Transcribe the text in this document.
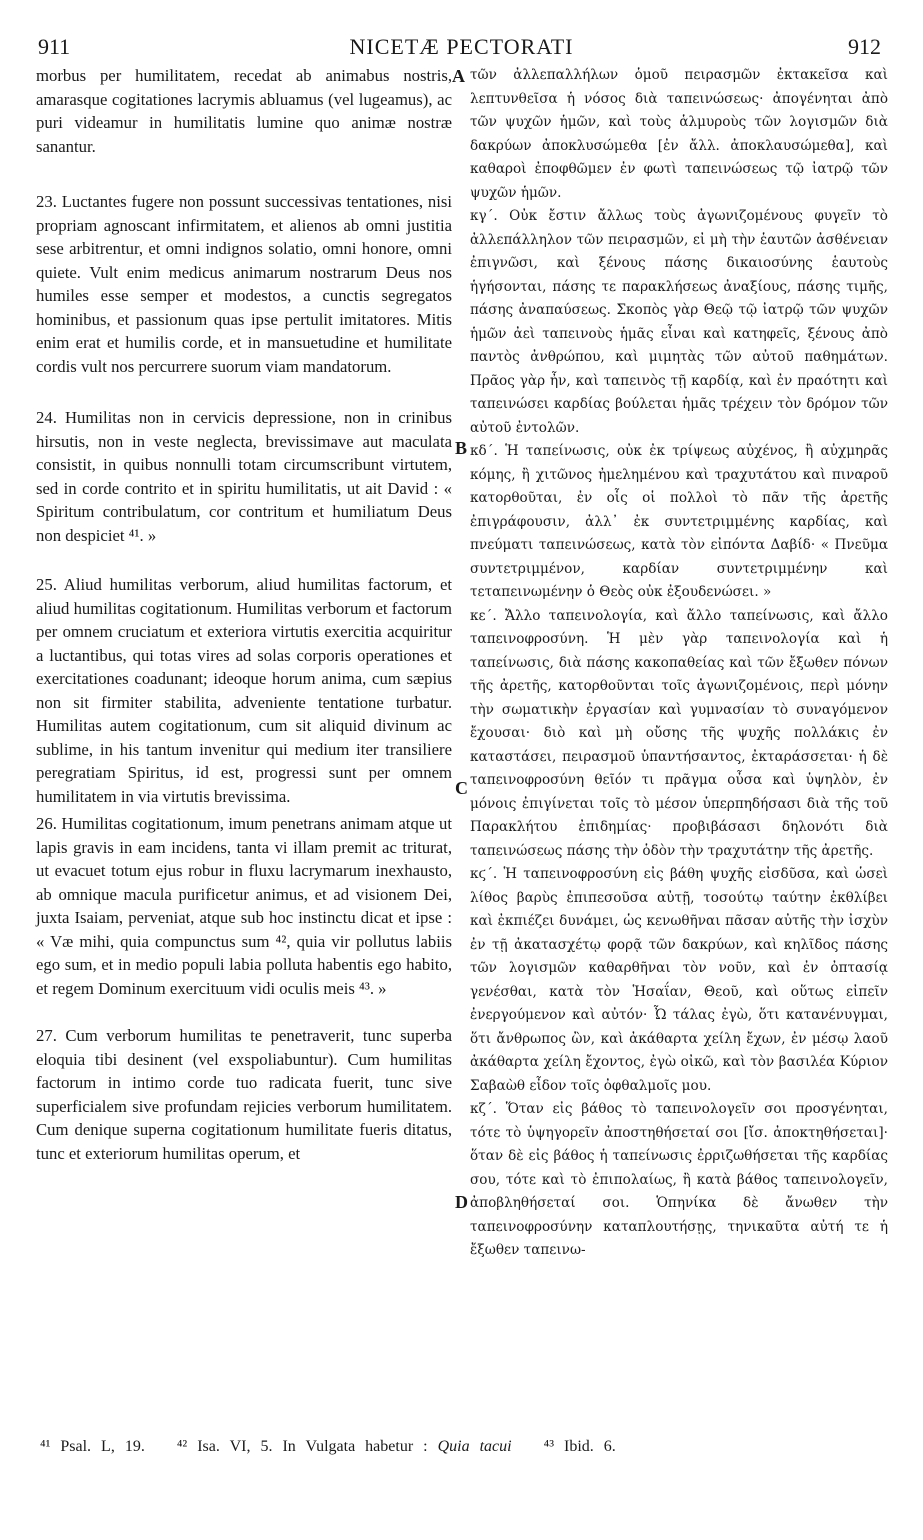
911	NICETÆ PECTORATI	912

morbus per humilitatem, recedat ab animabus nostris, amarasque cogitationes lacrymis abluamus (vel lugeamus), ac puri videamur in humilitatis lumine quo animæ nostræ sanantur.

23. Luctantes fugere non possunt successivas tentationes, nisi propriam agnoscant infirmitatem, et alienos ab omni justitia sese arbitrentur, et omni indignos solatio, omni honore, omni quiete. Vult enim medicus animarum nostrarum Deus nos humiles esse semper et modestos, a cunctis segregatos hominibus, et passionum quas ipse pertulit imitatores. Mitis enim erat et humilis corde, et in mansuetudine et humilitate cordis vult nos percurrere suorum viam mandatorum.

24. Humilitas non in cervicis depressione, non in crinibus hirsutis, non in veste neglecta, brevissimave aut maculata consistit, in quibus nonnulli totam circumscribunt virtutem, sed in corde contrito et in spiritu humilitatis, ut ait David : « Spiritum contribulatum, cor contritum et humiliatum Deus non despiciet ⁴¹. »

25. Aliud humilitas verborum, aliud humilitas factorum, et aliud humilitas cogitationum. Humilitas verborum et factorum per omnem cruciatum et exteriora virtutis exercitia acquiritur a luctantibus, qui totas vires ad solas corporis operationes et exercitationes coadunant; ideoque horum anima, cum sæpius non sit firmiter stabilita, adveniente tentatione turbatur. Humilitas autem cogitationum, cum sit aliquid divinum ac sublime, in his tantum invenitur qui medium iter transiliere peregratiam Spiritus, id est, progressi sunt per omnem humilitatem in via virtutis brevissima.

26. Humilitas cogitationum, imum penetrans animam atque ut lapis gravis in eam incidens, tanta vi illam premit ac triturat, ut evacuet totum ejus robur in fluxu lacrymarum inexhausto, ab omnique macula purificetur animus, et ad visionem Dei, juxta Isaiam, perveniat, atque sub hoc instinctu dicat et ipse : « Væ mihi, quia compunctus sum ⁴², quia vir pollutus labiis ego sum, et in medio populi labia polluta habentis ego habito, et regem Dominum exercituum vidi oculis meis ⁴³. »

27. Cum verborum humilitas te penetraverit, tunc superba eloquia tibi desinent (vel exspoliabuntur). Cum humilitas factorum in intimo corde tuo radicata fuerit, tunc sive superficialem sive profundam rejicies verborum humilitatem. Cum denique superna cogitationum humilitate fueris ditatus, tunc et exteriorum humilitas operum, et

A
B
C
D

τῶν ἀλλεπαλλήλων ὁμοῦ πειρασμῶν ἐκτακεῖσα καὶ λεπτυνθεῖσα ἡ νόσος διὰ ταπεινώσεως· ἀπογένηται ἀπὸ τῶν ψυχῶν ἡμῶν, καὶ τοὺς ἁλμυροὺς τῶν λογισμῶν διὰ δακρύων ἀποκλυσώμεθα [ἐν ἄλλ. ἀποκλαυσώμεθα], καὶ καθαροὶ ἐποφθῶμεν ἐν φωτὶ ταπεινώσεως τῷ ἰατρῷ τῶν ψυχῶν ἡμῶν.

κγ΄. Οὐκ ἔστιν ἄλλως τοὺς ἀγωνιζομένους φυγεῖν τὸ ἀλλεπάλληλον τῶν πειρασμῶν, εἰ μὴ τὴν ἑαυτῶν ἀσθένειαν ἐπιγνῶσι, καὶ ξένους πάσης δικαιοσύνης ἑαυτοὺς ἡγήσονται, πάσης τε παρακλήσεως ἀναξίους, πάσης τιμῆς, πάσης ἀναπαύσεως. Σκοπὸς γὰρ Θεῷ τῷ ἰατρῷ τῶν ψυχῶν ἡμῶν ἀεὶ ταπεινοὺς ἡμᾶς εἶναι καὶ κατηφεῖς, ξένους ἀπὸ παντὸς ἀνθρώπου, καὶ μιμητὰς τῶν αὐτοῦ παθημάτων. Πρᾶος γὰρ ἦν, καὶ ταπεινὸς τῇ καρδίᾳ, καὶ ἐν πραότητι καὶ ταπεινώσει καρδίας βούλεται ἡμᾶς τρέχειν τὸν δρόμον τῶν αὐτοῦ ἐντολῶν.

κδ΄. Ἡ ταπείνωσις, οὐκ ἐκ τρίψεως αὐχένος, ἢ αὐχμηρᾶς κόμης, ἢ χιτῶνος ἠμελημένου καὶ τραχυτάτου καὶ πιναροῦ κατορθοῦται, ἐν οἷς οἱ πολλοὶ τὸ πᾶν τῆς ἀρετῆς ἐπιγράφουσιν, ἀλλ᾽ ἐκ συντετριμμένης καρδίας, καὶ πνεύματι ταπεινώσεως, κατὰ τὸν εἰπόντα Δαβίδ· « Πνεῦμα συντετριμμένον, καρδίαν συντετριμμένην καὶ τεταπεινωμένην ὁ Θεὸς οὐκ ἐξουδενώσει. »

κε΄. Ἄλλο ταπεινολογία, καὶ ἄλλο ταπείνωσις, καὶ ἄλλο ταπεινοφροσύνη. Ἡ μὲν γὰρ ταπεινολογία καὶ ἡ ταπείνωσις, διὰ πάσης κακοπαθείας καὶ τῶν ἔξωθεν πόνων τῆς ἀρετῆς, κατορθοῦνται τοῖς ἀγωνιζομένοις, περὶ μόνην τὴν σωματικὴν ἐργασίαν καὶ γυμνασίαν τὸ συναγόμενον ἔχουσαι· διὸ καὶ μὴ οὔσης τῆς ψυχῆς πολλάκις ἐν καταστάσει, πειρασμοῦ ὑπαντήσαντος, ἐκταράσσεται· ἡ δὲ ταπεινοφροσύνη θεῖόν τι πρᾶγμα οὖσα καὶ ὑψηλὸν, ἐν μόνοις ἐπιγίνεται τοῖς τὸ μέσον ὑπερπηδήσασι διὰ τῆς τοῦ Παρακλήτου ἐπιδημίας· προβιβάσασι δηλονότι διὰ ταπεινώσεως πάσης τὴν ὁδὸν τὴν τραχυτάτην τῆς ἀρετῆς.

κϛ΄. Ἡ ταπεινοφροσύνη εἰς βάθη ψυχῆς εἰσδῦσα, καὶ ὡσεὶ λίθος βαρὺς ἐπιπεσοῦσα αὐτῇ, τοσούτῳ ταύτην ἐκθλίβει καὶ ἐκπιέζει δυνάμει, ὡς κενωθῆναι πᾶσαν αὐτῆς τὴν ἰσχὺν ἐν τῇ ἀκατασχέτῳ φορᾷ τῶν δακρύων, καὶ κηλῖδος πάσης τῶν λογισμῶν καθαρθῆναι τὸν νοῦν, καὶ ἐν ὀπτασίᾳ γενέσθαι, κατὰ τὸν Ἡσαΐαν, Θεοῦ, καὶ οὕτως εἰπεῖν ἐνεργούμενον καὶ αὐτόν· Ὦ τάλας ἐγὼ, ὅτι κατανένυγμαι, ὅτι ἄνθρωπος ὢν, καὶ ἀκάθαρτα χείλη ἔχων, ἐν μέσῳ λαοῦ ἀκάθαρτα χείλη ἔχοντος, ἐγὼ οἰκῶ, καὶ τὸν βασιλέα Κύριον Σαβαὼθ εἶδον τοῖς ὀφθαλμοῖς μου.

κζ΄. Ὅταν εἰς βάθος τὸ ταπεινολογεῖν σοι προσγένηται, τότε τὸ ὑψηγορεῖν ἀποστηθήσεταί σοι [ἴσ. ἀποκτηθήσεται]· ὅταν δὲ εἰς βάθος ἡ ταπείνωσις ἐρριζωθήσεται τῆς καρδίας σου, τότε καὶ τὸ ἐπιπολαίως, ἢ κατὰ βάθος ταπεινολογεῖν, ἀποβληθήσεταί σοι. Ὁπηνίκα δὲ ἄνωθεν τὴν ταπεινοφροσύνην καταπλουτήσῃς, τηνικαῦτα αὐτή τε ἡ ἔξωθεν ταπεινω-

⁴¹ Psal. L, 19. ⁴² Isa. VI, 5. In Vulgata habetur : Quia tacui ⁴³ Ibid. 6.
